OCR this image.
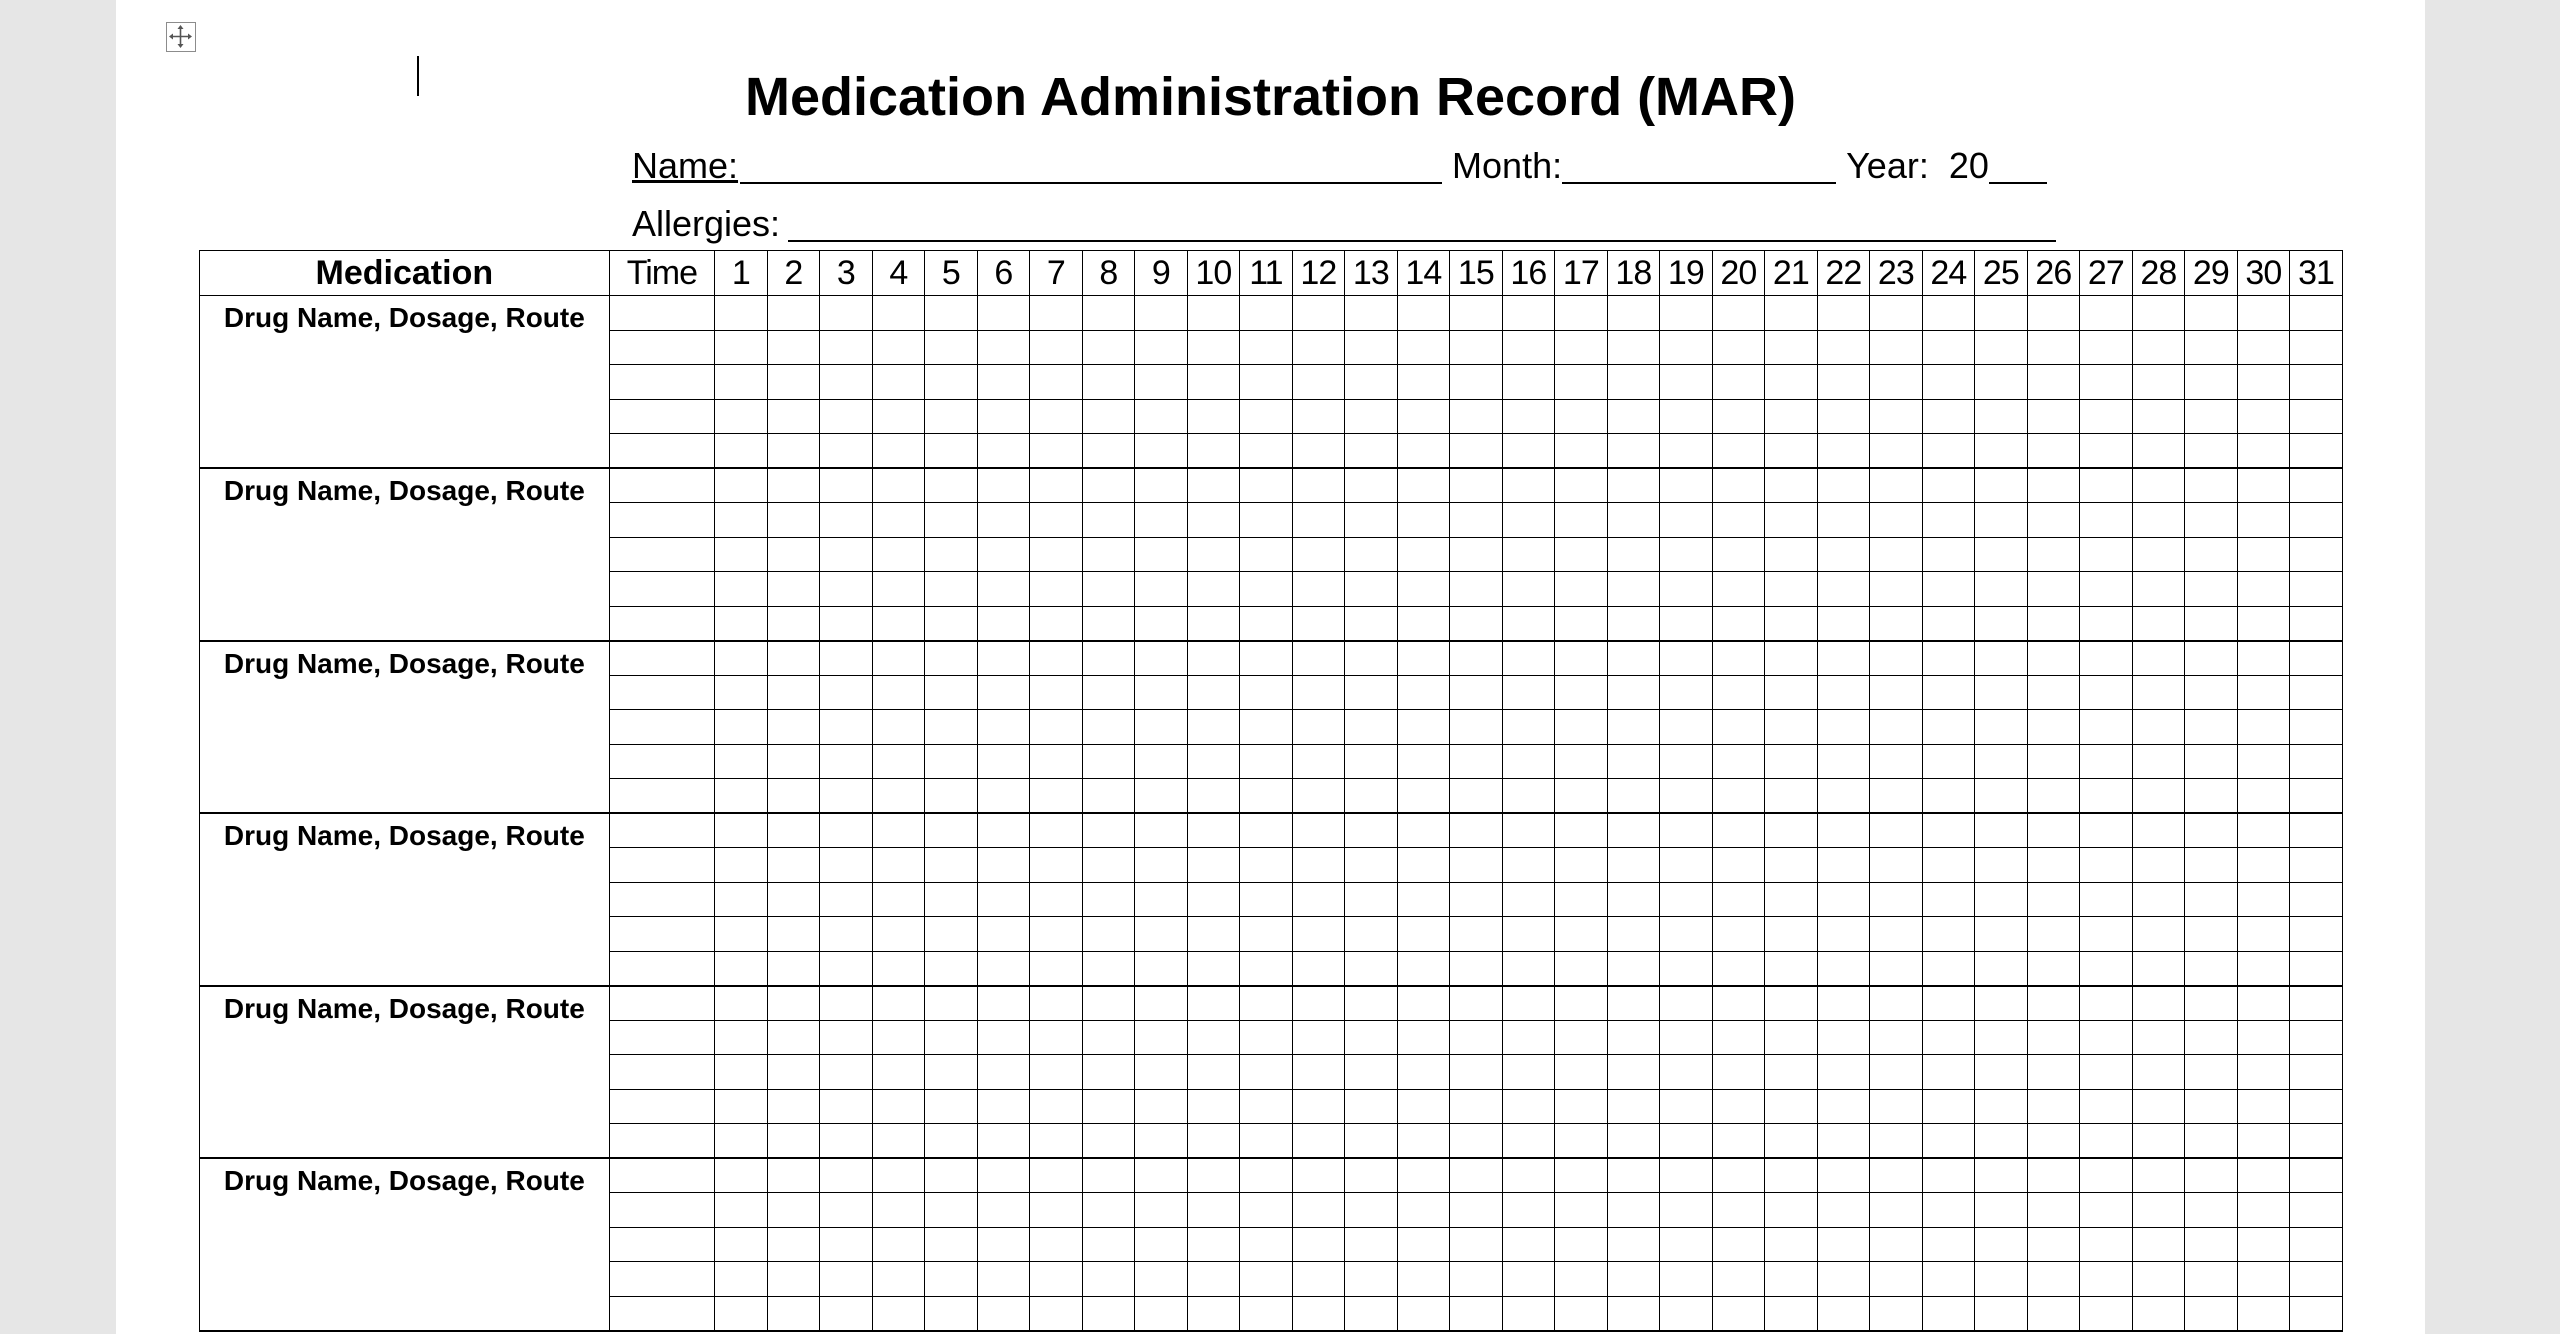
Medication Administration Record (MAR)
Name:	Month:	Year: 20
Allergies:
Medication	Time	1	2	3	4	5	6	7	8	9	10	11	12	13	14	15	16	17	18	19	20	21	22	23	24	25	26	27	28	29	30	31
Drug Name, Dosage, Route																																

Drug Name, Dosage, Route																																

Drug Name, Dosage, Route																																

Drug Name, Dosage, Route																																

Drug Name, Dosage, Route																																

Drug Name, Dosage, Route																																
